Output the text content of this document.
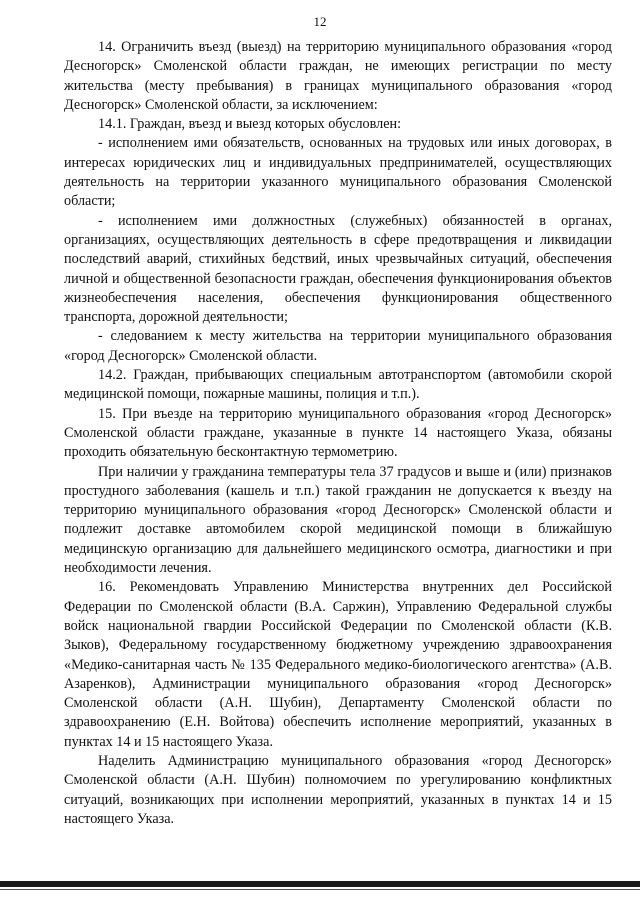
12

14. Ограничить въезд (выезд) на территорию муниципального образования «город Десногорск» Смоленской области граждан, не имеющих регистрации по месту жительства (месту пребывания) в границах муниципального образования «город Десногорск» Смоленской области, за исключением:

14.1. Граждан, въезд и выезд которых обусловлен:

- исполнением ими обязательств, основанных на трудовых или иных договорах, в интересах юридических лиц и индивидуальных предпринимателей, осуществляющих деятельность на территории указанного муниципального образования Смоленской области;

- исполнением ими должностных (служебных) обязанностей в органах, организациях, осуществляющих деятельность в сфере предотвращения и ликвидации последствий аварий, стихийных бедствий, иных чрезвычайных ситуаций, обеспечения личной и общественной безопасности граждан, обеспечения функционирования объектов жизнеобеспечения населения, обеспечения функционирования общественного транспорта, дорожной деятельности;

- следованием к месту жительства на территории муниципального образования «город Десногорск» Смоленской области.

14.2. Граждан, прибывающих специальным автотранспортом (автомобили скорой медицинской помощи, пожарные машины, полиция и т.п.).

15. При въезде на территорию муниципального образования «город Десногорск» Смоленской области граждане, указанные в пункте 14 настоящего Указа, обязаны проходить обязательную бесконтактную термометрию.

При наличии у гражданина температуры тела 37 градусов и выше и (или) признаков простудного заболевания (кашель и т.п.) такой гражданин не допускается к въезду на территорию муниципального образования «город Десногорск» Смоленской области и подлежит доставке автомобилем скорой медицинской помощи в ближайшую медицинскую организацию для дальнейшего медицинского осмотра, диагностики и при необходимости лечения.

16. Рекомендовать Управлению Министерства внутренних дел Российской Федерации по Смоленской области (В.А. Саржин), Управлению Федеральной службы войск национальной гвардии Российской Федерации по Смоленской области (К.В. Зыков), Федеральному государственному бюджетному учреждению здравоохранения «Медико-санитарная часть № 135 Федерального медико-биологического агентства» (А.В. Азаренков), Администрации муниципального образования «город Десногорск» Смоленской области (А.Н. Шубин), Департаменту Смоленской области по здравоохранению (Е.Н. Войтова) обеспечить исполнение мероприятий, указанных в пунктах 14 и 15 настоящего Указа.

Наделить Администрацию муниципального образования «город Десногорск» Смоленской области (А.Н. Шубин) полномочием по урегулированию конфликтных ситуаций, возникающих при исполнении мероприятий, указанных в пунктах 14 и 15 настоящего Указа.
